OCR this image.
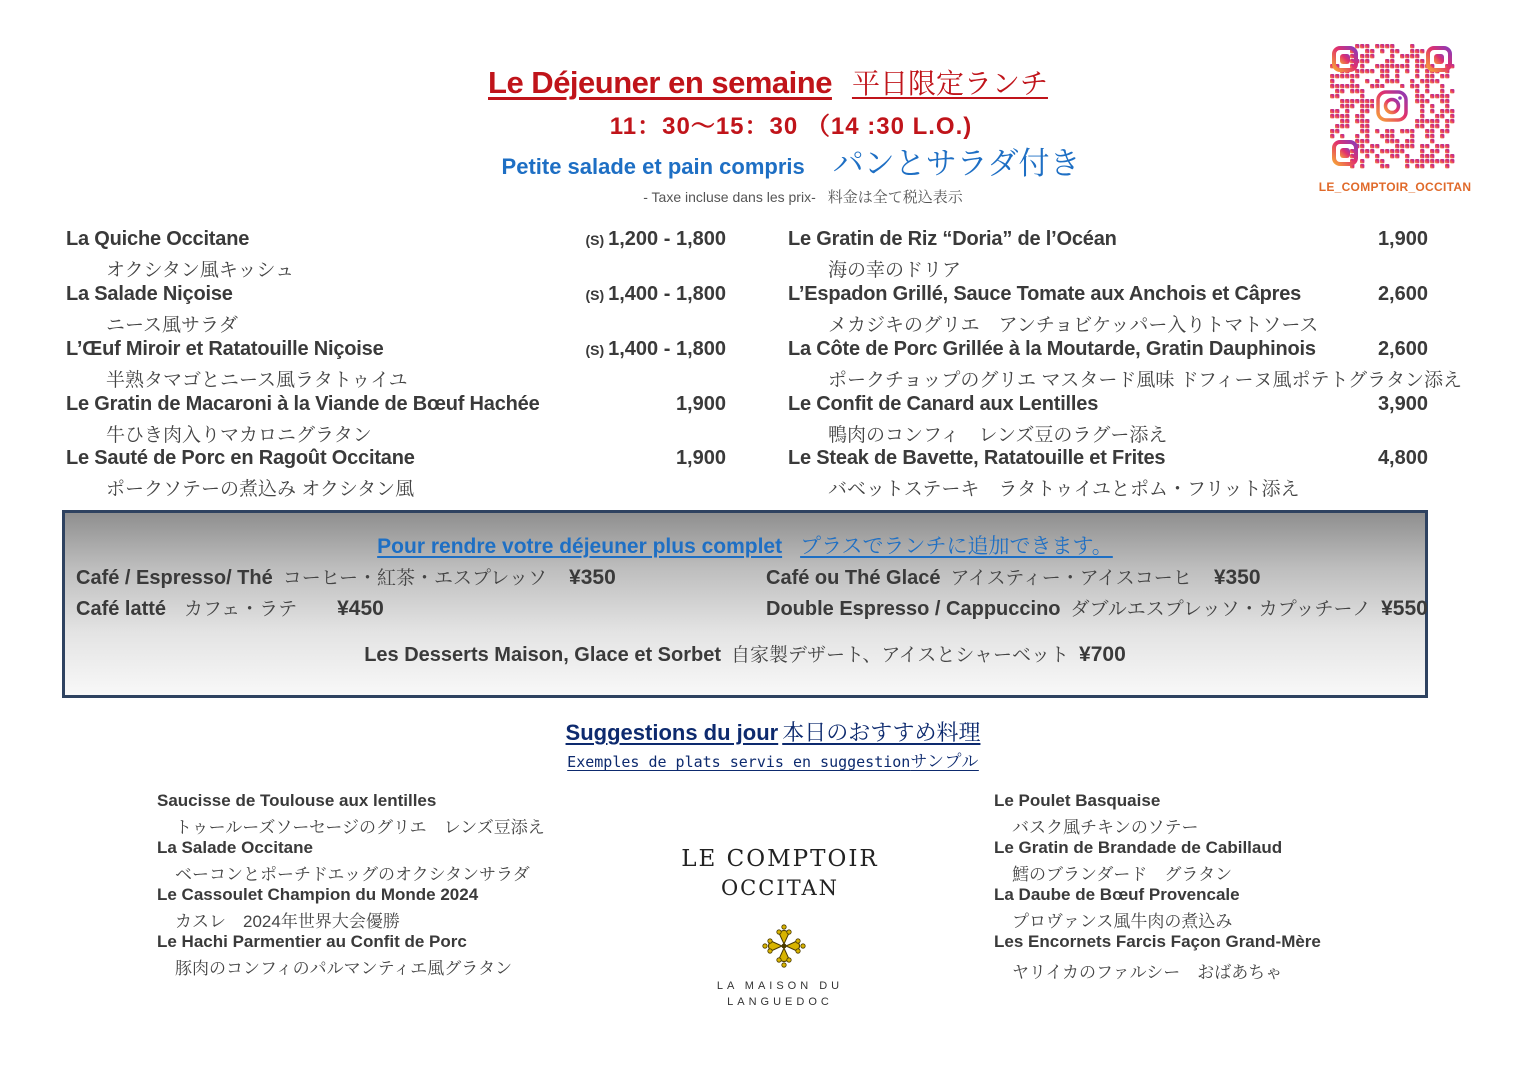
Le Déjeuner en semaine 平日限定ランチ
11：30～15：30 （14 :30 L.O.)
Petite salade et pain compris パンとサラダ付き
- Taxe incluse dans les prix- 料金は全て税込表示
LE_COMPTOIR_OCCITAN
La Quiche Occitane	(S) 1,200 - 1,800
オクシタン風キッシュ
La Salade Niçoise	(S) 1,400 - 1,800
ニース風サラダ
L’Œuf Miroir et Ratatouille Niçoise	(S) 1,400 - 1,800
半熟タマゴとニース風ラタトゥイユ
Le Gratin de Macaroni à la Viande de Bœuf Hachée	1,900
牛ひき肉入りマカロニグラタン
Le Sauté de Porc en Ragoût Occitane	1,900
ポークソテーの煮込み オクシタン風
Le Gratin de Riz “Doria” de l’Océan	1,900
海の幸のドリア
L’Espadon Grillé, Sauce Tomate aux Anchois et Câpres	2,600
メカジキのグリエ　アンチョビケッパー入りトマトソース
La Côte de Porc Grillée à la Moutarde, Gratin Dauphinois	2,600
ポークチョップのグリエ マスタード風味 ドフィーヌ風ポテトグラタン添え
Le Confit de Canard aux Lentilles	3,900
鴨肉のコンフィ　レンズ豆のラグー添え
Le Steak de Bavette, Ratatouille et Frites	4,800
バベットステーキ　ラタトゥイユとポム・フリット添え
Pour rendre votre déjeuner plus complet プラスでランチに追加できます。
Café / Espresso/ Thé コーヒー・紅茶・エスプレッソ ¥350	Café ou Thé Glacé アイスティー・アイスコーヒ ¥350
Café latté カフェ・ラテ ¥450	Double Espresso / Cappuccino ダブルエスプレッソ・カプッチーノ ¥550
Les Desserts Maison, Glace et Sorbet 自家製デザート、アイスとシャーベット ¥700
Suggestions du jour 本日のおすすめ料理
Exemples de plats servis en suggestionサンプル
Saucisse de Toulouse aux lentilles
トゥールーズソーセージのグリエ　レンズ豆添え
La Salade Occitane
ベーコンとポーチドエッグのオクシタンサラダ
Le Cassoulet Champion du Monde 2024
カスレ　2024年世界大会優勝
Le Hachi Parmentier au Confit de Porc
豚肉のコンフィのパルマンティエ風グラタン
Le Poulet Basquaise
バスク風チキンのソテー
Le Gratin de Brandade de Cabillaud
鱈のブランダード　グラタン
La Daube de Bœuf Provencale
プロヴァンス風牛肉の煮込み
Les Encornets Farcis Façon Grand-Mère
ヤリイカのファルシー　おばあちゃ
LE COMPTOIR
OCCITAN
LA MAISON DU
LANGUEDOC
